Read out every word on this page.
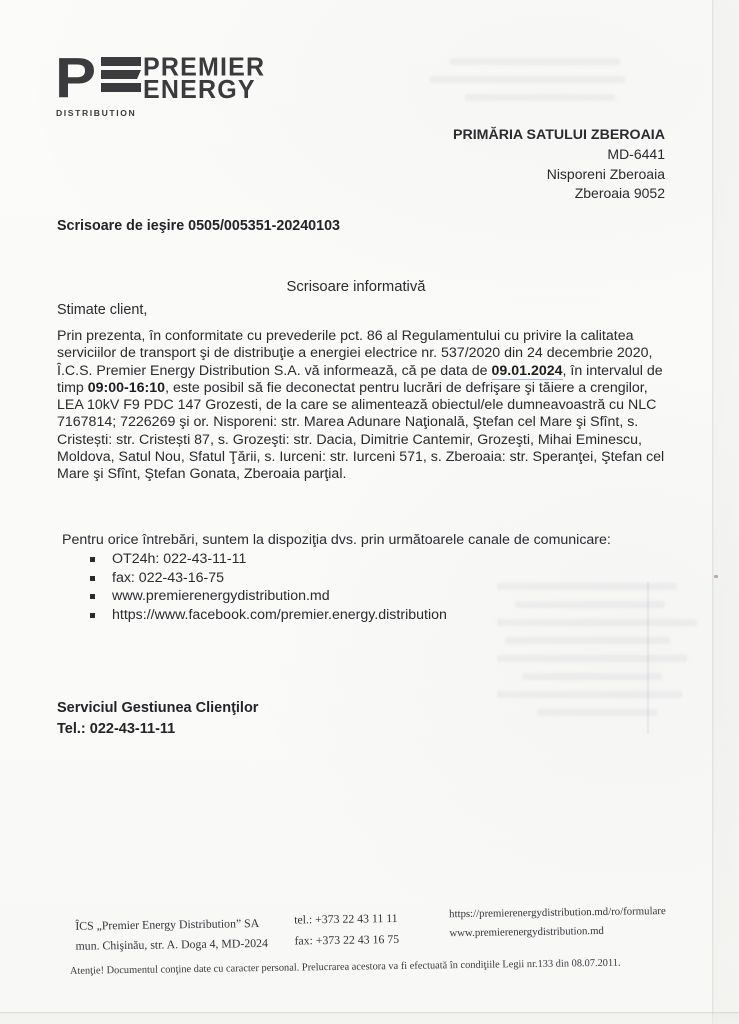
P
DISTRIBUTION
PREMIER
ENERGY
PRIMĂRIA SATULUI ZBEROAIA
MD-6441
Nisporeni Zberoaia
Zberoaia 9052
Scrisoare de ieşire 0505/005351-20240103
Scrisoare informativă
Stimate client,
Prin prezenta, în conformitate cu prevederile pct. 86 al Regulamentului cu privire la calitatea
serviciilor de transport şi de distribuţie a energiei electrice nr. 537/2020 din 24 decembrie 2020,
Î.C.S. Premier Energy Distribution S.A. vă informează, că pe data de 09.01.2024, în intervalul de
timp 09:00-16:10, este posibil să fie deconectat pentru lucrări de defrişare şi tăiere a crengilor,
LEA 10kV F9 PDC 147 Grozesti, de la care se alimentează obiectul/ele dumneavoastră cu NLC
7167814; 7226269 şi or. Nisporeni: str. Marea Adunare Naţională, Ştefan cel Mare şi Sfînt, s.
Cristești: str. Cristești 87, s. Grozeşti: str. Dacia, Dimitrie Cantemir, Grozeşti, Mihai Eminescu,
Moldova, Satul Nou, Sfatul Ţării, s. Iurceni: str. Iurceni 571, s. Zberoaia: str. Speranţei, Ştefan cel
Mare şi Sfînt, Ştefan Gonata, Zberoaia parţial.
Pentru orice întrebări, suntem la dispoziţia dvs. prin următoarele canale de comunicare:
OT24h: 022-43-11-11
fax: 022-43-16-75
www.premierenergydistribution.md
https://www.facebook.com/premier.energy.distribution
Serviciul Gestiunea Clienţilor
Tel.: 022-43-11-11
ÎCS „Premier Energy Distribution” SA
mun. Chişinău, str. A. Doga 4, MD-2024
tel.: +373 22 43 11 11
fax: +373 22 43 16 75
https://premierenergydistribution.md/ro/formulare
www.premierenergydistribution.md
Atenţie! Documentul conţine date cu caracter personal. Prelucrarea acestora va fi efectuată în condiţiile Legii nr.133 din 08.07.2011.
